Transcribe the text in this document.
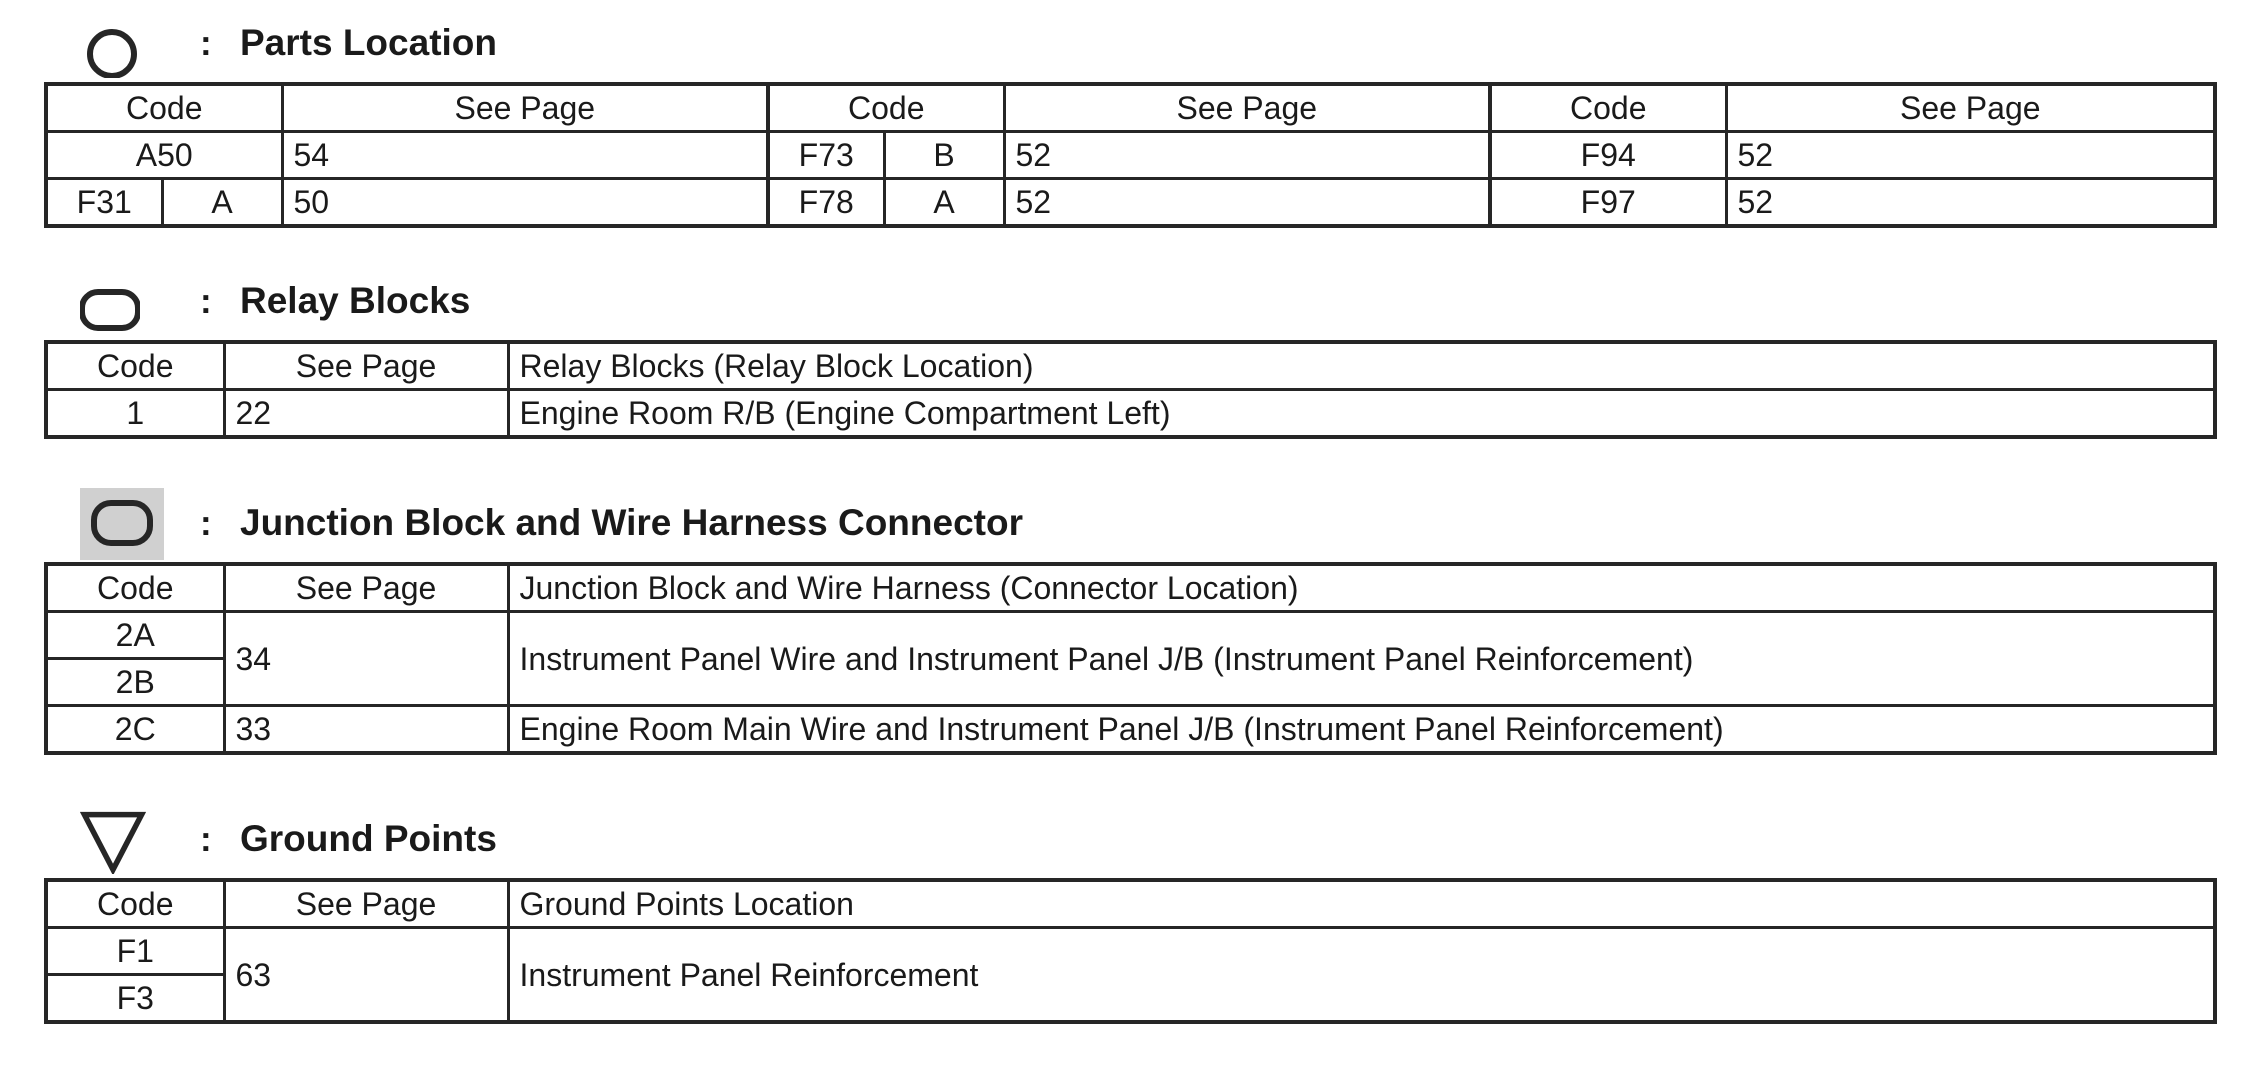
: Parts Location
Code		See Page	Code		See Page	Code	See Page
A50		54	F73	B	52	F94	52
F31	A	50	F78	A	52	F97	52
: Relay Blocks
Code	See Page	Relay Blocks (Relay Block Location)
1	22	Engine Room R/B (Engine Compartment Left)
: Junction Block and Wire Harness Connector
Code	See Page	Junction Block and Wire Harness (Connector Location)
2A	34	Instrument Panel Wire and Instrument Panel J/B (Instrument Panel Reinforcement)
2B		
2C	33	Engine Room Main Wire and Instrument Panel J/B (Instrument Panel Reinforcement)
: Ground Points
Code	See Page	Ground Points Location
F1	63	Instrument Panel Reinforcement
F3		
